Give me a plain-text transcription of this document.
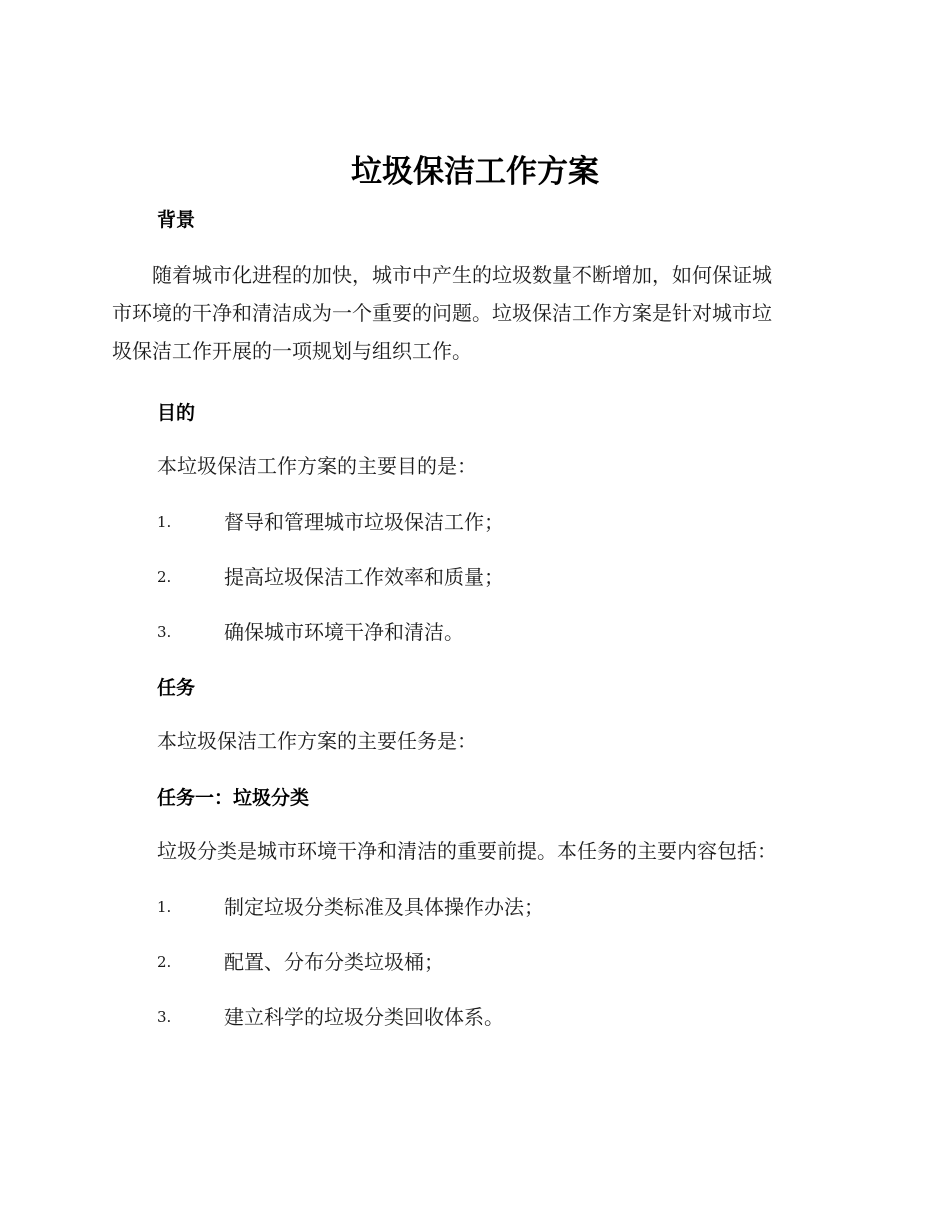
垃圾保洁工作方案
背景
　　随着城市化进程的加快，城市中产生的垃圾数量不断增加，如何保证城
市环境的干净和清洁成为一个重要的问题。垃圾保洁工作方案是针对城市垃
圾保洁工作开展的一项规划与组织工作。
目的

本垃圾保洁工作方案的主要目的是：

1.	督导和管理城市垃圾保洁工作；
2.	提高垃圾保洁工作效率和质量；
3.	确保城市环境干净和清洁。
任务

本垃圾保洁工作方案的主要任务是：

任务一：垃圾分类

垃圾分类是城市环境干净和清洁的重要前提。本任务的主要内容包括：

1.	制定垃圾分类标准及具体操作办法；
2.	配置、分布分类垃圾桶；
3.	建立科学的垃圾分类回收体系。
